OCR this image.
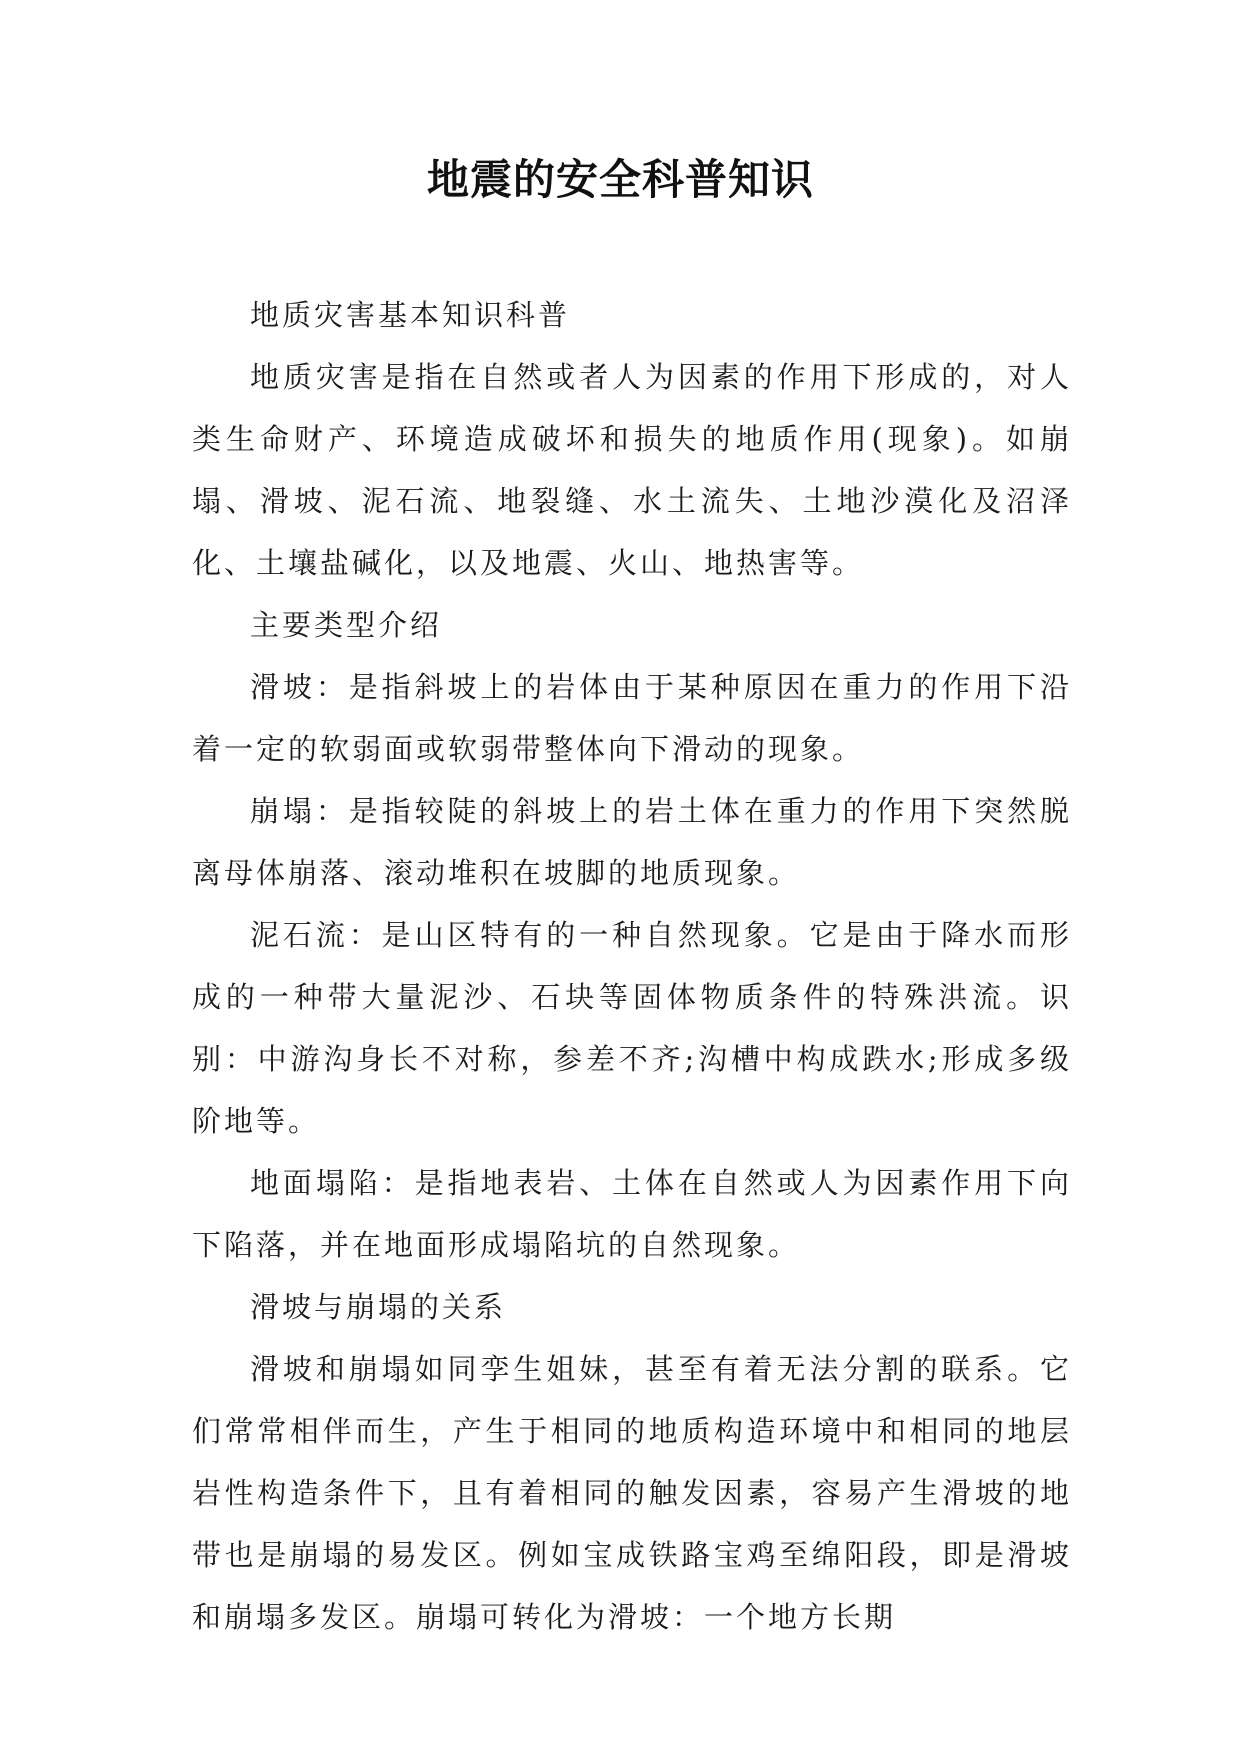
地震的安全科普知识

地质灾害基本知识科普

地质灾害是指在自然或者人为因素的作用下形成的，对人类生命财产、环境造成破坏和损失的地质作用(现象)。如崩塌、滑坡、泥石流、地裂缝、水土流失、土地沙漠化及沼泽化、土壤盐碱化，以及地震、火山、地热害等。

主要类型介绍

滑坡：是指斜坡上的岩体由于某种原因在重力的作用下沿着一定的软弱面或软弱带整体向下滑动的现象。

崩塌：是指较陡的斜坡上的岩土体在重力的作用下突然脱离母体崩落、滚动堆积在坡脚的地质现象。

泥石流：是山区特有的一种自然现象。它是由于降水而形成的一种带大量泥沙、石块等固体物质条件的特殊洪流。识别：中游沟身长不对称，参差不齐;沟槽中构成跌水;形成多级阶地等。

地面塌陷：是指地表岩、土体在自然或人为因素作用下向下陷落，并在地面形成塌陷坑的自然现象。

滑坡与崩塌的关系

滑坡和崩塌如同孪生姐妹，甚至有着无法分割的联系。它们常常相伴而生，产生于相同的地质构造环境中和相同的地层岩性构造条件下，且有着相同的触发因素，容易产生滑坡的地带也是崩塌的易发区。例如宝成铁路宝鸡至绵阳段，即是滑坡和崩塌多发区。崩塌可转化为滑坡：一个地方长期
